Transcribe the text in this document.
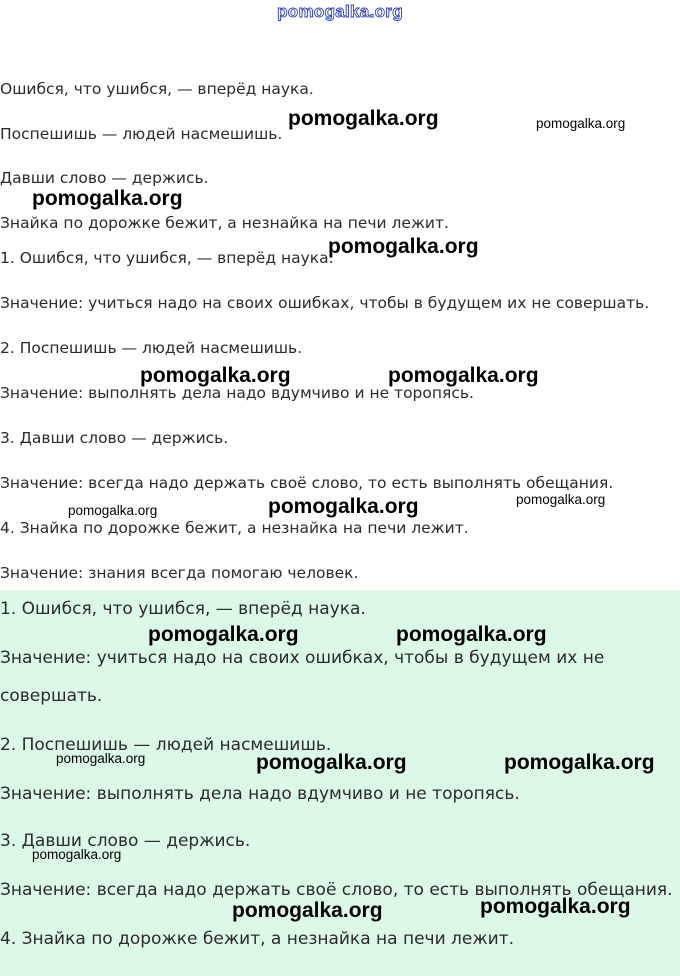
pomogalka.org
Ошибся, что ушибся, — вперёд наука.
Поспешишь — людей насмешишь.
Давши слово — держись.
Знайка по дорожке бежит, а незнайка на печи лежит.
1. Ошибся, что ушибся, — вперёд наука.
Значение: учиться надо на своих ошибках, чтобы в будущем их не совершать.
2. Поспешишь — людей насмешишь.
Значение: выполнять дела надо вдумчиво и не торопясь.
3. Давши слово — держись.
Значение: всегда надо держать своё слово, то есть выполнять обещания.
4. Знайка по дорожке бежит, а незнайка на печи лежит.
Значение: знания всегда помогаю человек.
1. Ошибся, что ушибся, — вперёд наука.
Значение: учиться надо на своих ошибках, чтобы в будущем их не
совершать.
2. Поспешишь — людей насмешишь.
Значение: выполнять дела надо вдумчиво и не торопясь.
3. Давши слово — держись.
Значение: всегда надо держать своё слово, то есть выполнять обещания.
4. Знайка по дорожке бежит, а незнайка на печи лежит.
pomogalka.org	pomogalka.org
pomogalka.org
pomogalka.org
pomogalka.org	pomogalka.org
pomogalka.org	pomogalka.org
pomogalka.org
pomogalka.org	pomogalka.org
pomogalka.org	pomogalka.org	pomogalka.org
pomogalka.org
pomogalka.org	pomogalka.org
